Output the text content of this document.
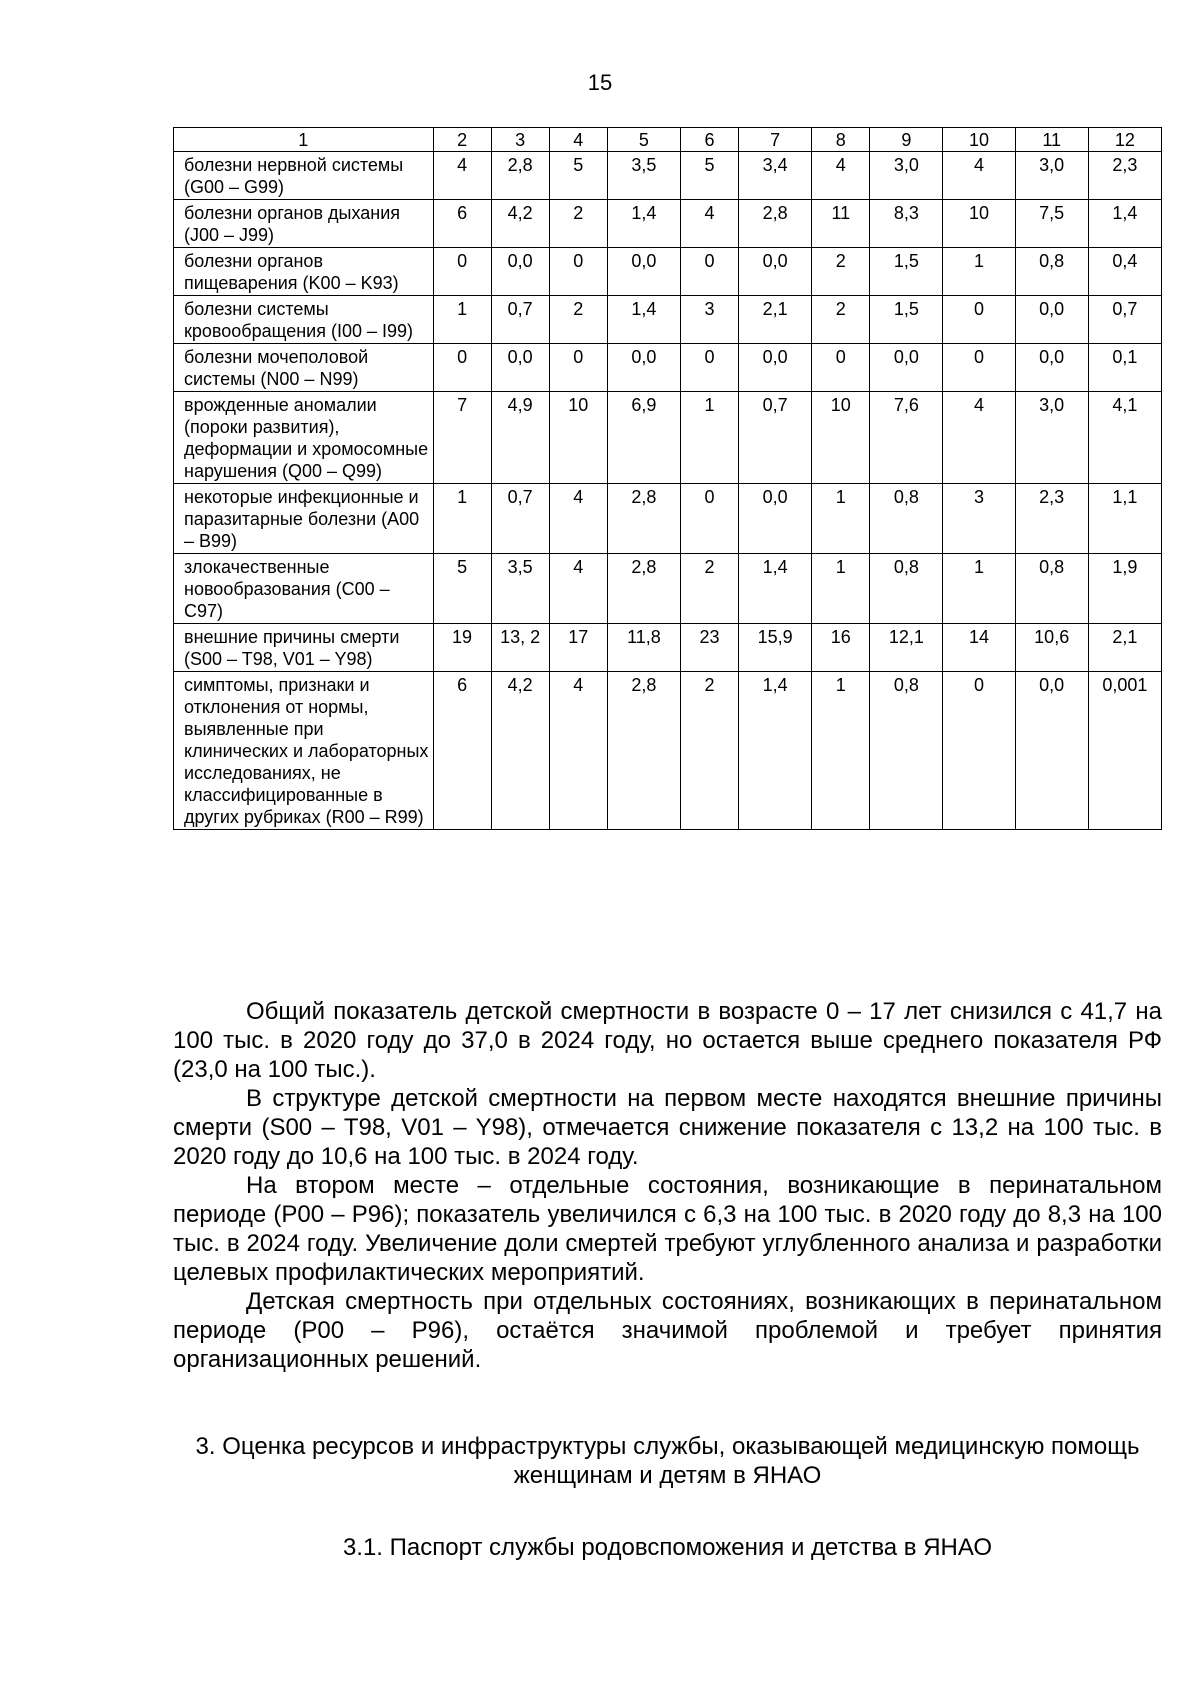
15
1	2	3	4	5	6	7	8	9	10	11	12
болезни нервной системы (G00 – G99)	4	2,8	5	3,5	5	3,4	4	3,0	4	3,0	2,3
болезни органов дыхания (J00 – J99)	6	4,2	2	1,4	4	2,8	11	8,3	10	7,5	1,4
болезни органов пищеварения (K00 – K93)	0	0,0	0	0,0	0	0,0	2	1,5	1	0,8	0,4
болезни системы кровообращения (I00 – I99)	1	0,7	2	1,4	3	2,1	2	1,5	0	0,0	0,7
болезни мочеполовой системы (N00 – N99)	0	0,0	0	0,0	0	0,0	0	0,0	0	0,0	0,1
врожденные аномалии (пороки развития), деформации и хромосомные нарушения (Q00 – Q99)	7	4,9	10	6,9	1	0,7	10	7,6	4	3,0	4,1
некоторые инфекционные и паразитарные болезни (A00 – B99)	1	0,7	4	2,8	0	0,0	1	0,8	3	2,3	1,1
злокачественные новообразования (C00 – C97)	5	3,5	4	2,8	2	1,4	1	0,8	1	0,8	1,9
внешние причины смерти (S00 – T98, V01 – Y98)	19	13, 2	17	11,8	23	15,9	16	12,1	14	10,6	2,1
симптомы, признаки и отклонения от нормы, выявленные при клинических и лабораторных исследованиях, не классифицированные в других рубриках (R00 – R99)	6	4,2	4	2,8	2	1,4	1	0,8	0	0,0	0,001

Общий показатель детской смертности в возрасте 0 – 17 лет снизился с 41,7 на 100 тыс. в 2020 году до 37,0 в 2024 году, но остается выше среднего показателя РФ (23,0 на 100 тыс.).

В структуре детской смертности на первом месте находятся внешние причины смерти (S00 – T98, V01 – Y98), отмечается снижение показателя с 13,2 на 100 тыс. в 2020 году до 10,6 на 100 тыс. в 2024 году.

На втором месте – отдельные состояния, возникающие в перинатальном периоде (P00 – P96); показатель увеличился с 6,3 на 100 тыс. в 2020 году до 8,3 на 100 тыс. в 2024 году. Увеличение доли смертей требуют углубленного анализа и разработки целевых профилактических мероприятий.

Детская смертность при отдельных состояниях, возникающих в перинатальном периоде (P00 – P96), остаётся значимой проблемой и требует принятия организационных решений.

3. Оценка ресурсов и инфраструктуры службы, оказывающей медицинскую помощь женщинам и детям в ЯНАО
3.1. Паспорт службы родовспоможения и детства в ЯНАО
